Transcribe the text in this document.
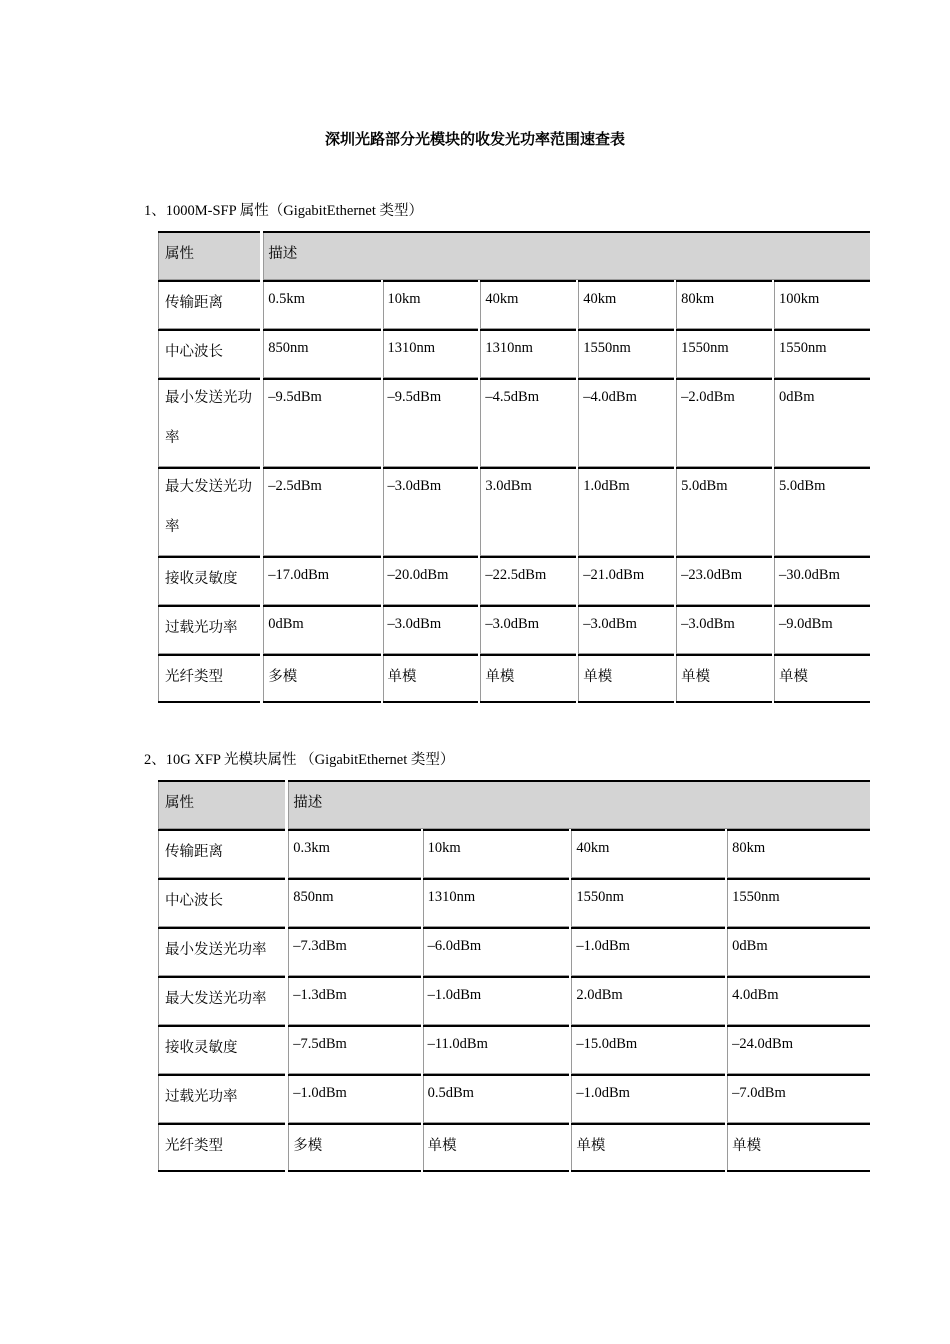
深圳光路部分光模块的收发光功率范围速查表
1、1000M-SFP 属性（GigabitEthernet 类型）
属性	描述					
传输距离	0.5km	10km	40km	40km	80km	100km
中心波长	850nm	1310nm	1310nm	1550nm	1550nm	1550nm
最小发送光功率	–9.5dBm	–9.5dBm	–4.5dBm	–4.0dBm	–2.0dBm	0dBm
最大发送光功率	–2.5dBm	–3.0dBm	3.0dBm	1.0dBm	5.0dBm	5.0dBm
接收灵敏度	–17.0dBm	–20.0dBm	–22.5dBm	–21.0dBm	–23.0dBm	–30.0dBm
过载光功率	0dBm	–3.0dBm	–3.0dBm	–3.0dBm	–3.0dBm	–9.0dBm
光纤类型	多模	单模	单模	单模	单模	单模
2、10G XFP 光模块属性 （GigabitEthernet 类型）
属性	描述			
传输距离	0.3km	10km	40km	80km
中心波长	850nm	1310nm	1550nm	1550nm
最小发送光功率	–7.3dBm	–6.0dBm	–1.0dBm	0dBm
最大发送光功率	–1.3dBm	–1.0dBm	2.0dBm	4.0dBm
接收灵敏度	–7.5dBm	–11.0dBm	–15.0dBm	–24.0dBm
过载光功率	–1.0dBm	0.5dBm	–1.0dBm	–7.0dBm
光纤类型	多模	单模	单模	单模
